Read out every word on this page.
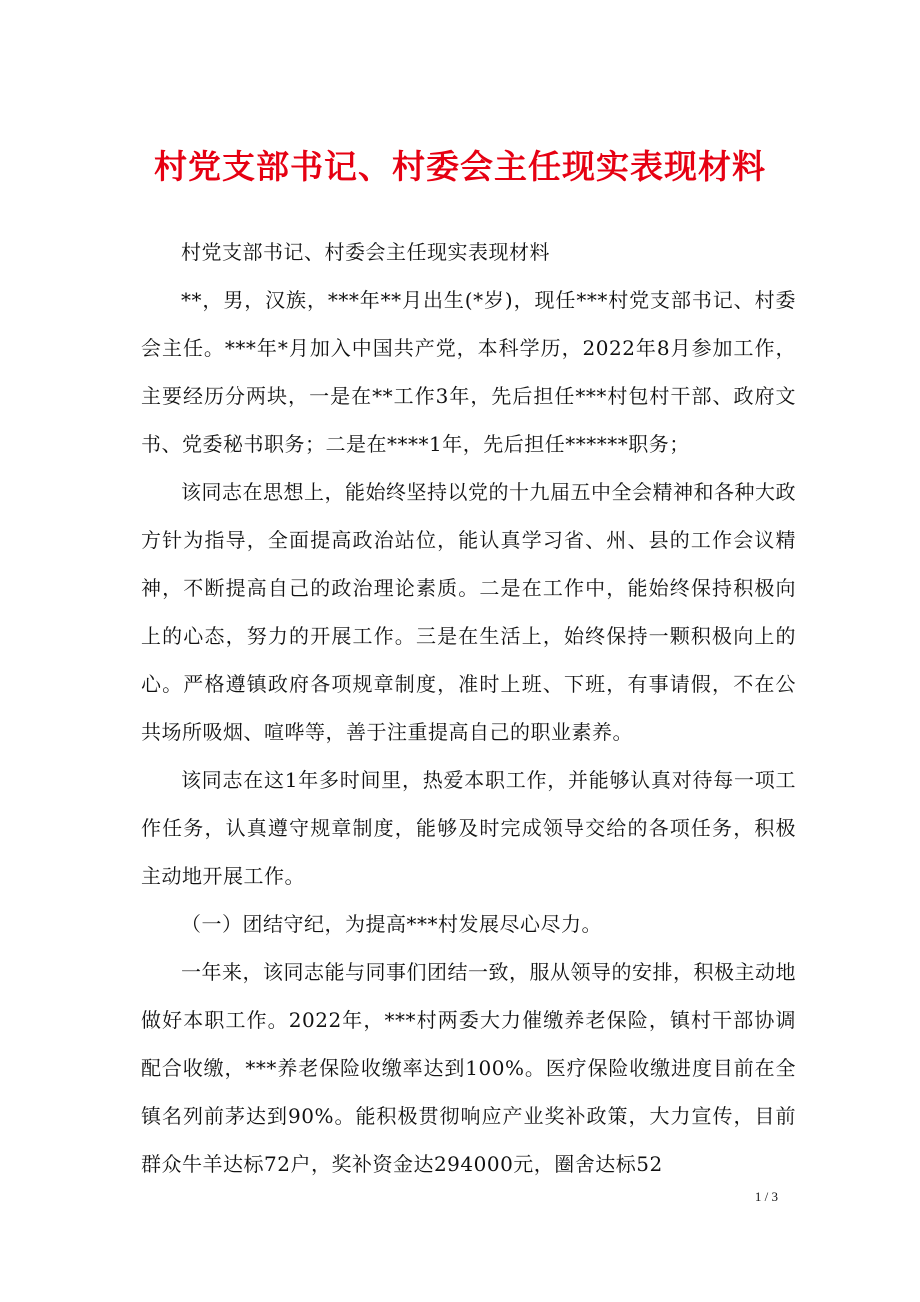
村党支部书记、村委会主任现实表现材料

村党支部书记、村委会主任现实表现材料

**，男，汉族，***年**月出生(*岁)，现任***村党支部书记、村委会主任。***年*月加入中国共产党，本科学历，2022年8月参加工作，主要经历分两块，一是在**工作3年，先后担任***村包村干部、政府文书、党委秘书职务；二是在****1年，先后担任******职务；

该同志在思想上，能始终坚持以党的十九届五中全会精神和各种大政方针为指导，全面提高政治站位，能认真学习省、州、县的工作会议精神，不断提高自己的政治理论素质。二是在工作中，能始终保持积极向上的心态，努力的开展工作。三是在生活上，始终保持一颗积极向上的心。严格遵镇政府各项规章制度，准时上班、下班，有事请假，不在公共场所吸烟、喧哗等，善于注重提高自己的职业素养。

该同志在这1年多时间里，热爱本职工作，并能够认真对待每一项工作任务，认真遵守规章制度，能够及时完成领导交给的各项任务，积极主动地开展工作。

（一）团结守纪，为提高***村发展尽心尽力。

一年来，该同志能与同事们团结一致，服从领导的安排，积极主动地做好本职工作。2022年，***村两委大力催缴养老保险，镇村干部协调配合收缴，***养老保险收缴率达到100%。医疗保险收缴进度目前在全镇名列前茅达到90%。能积极贯彻响应产业奖补政策，大力宣传，目前群众牛羊达标72户，奖补资金达294000元，圈舍达标52

1 / 3
